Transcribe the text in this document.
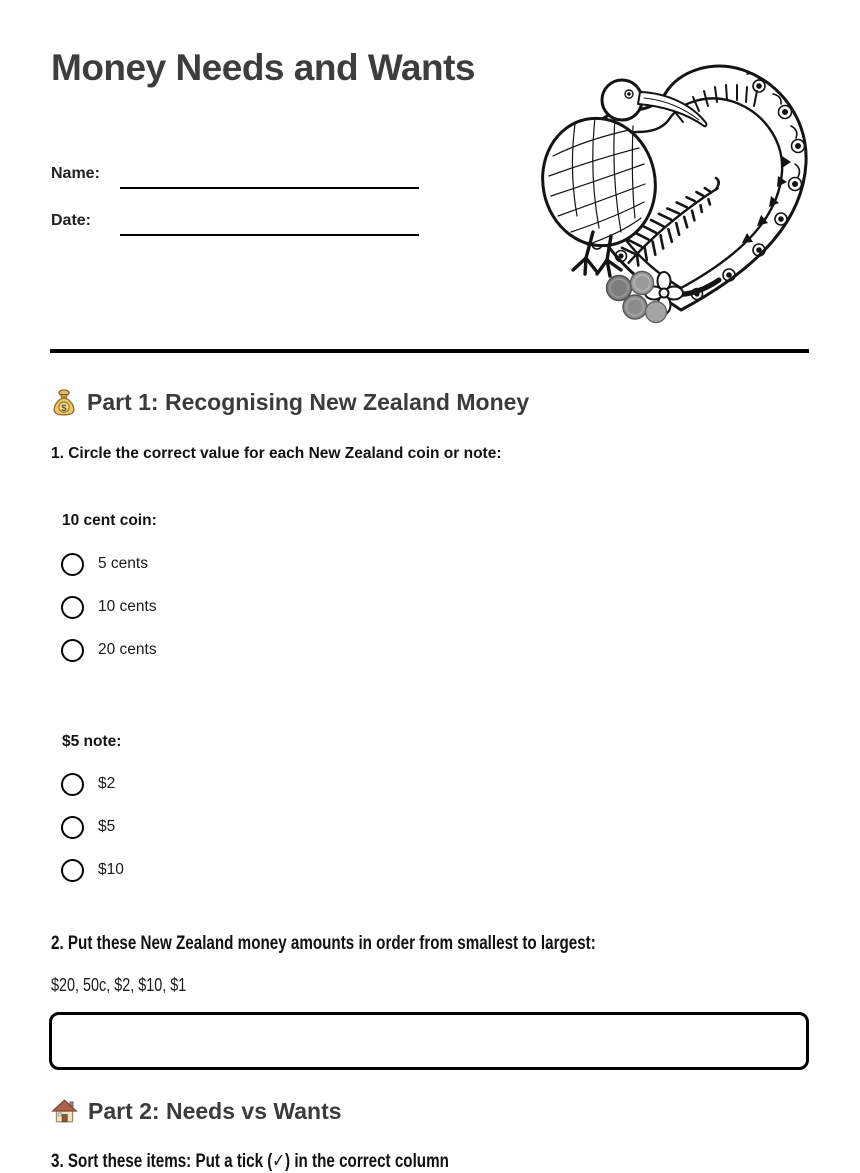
Money Needs and Wants
Name:
Date:
$ Part 1: Recognising New Zealand Money
1. Circle the correct value for each New Zealand coin or note:
10 cent coin:
5 cents
10 cents
20 cents
$5 note:
$2
$5
$10
2. Put these New Zealand money amounts in order from smallest to largest:
$20, 50c, $2, $10, $1
Part 2: Needs vs Wants
3. Sort these items: Put a tick (✓) in the correct column
